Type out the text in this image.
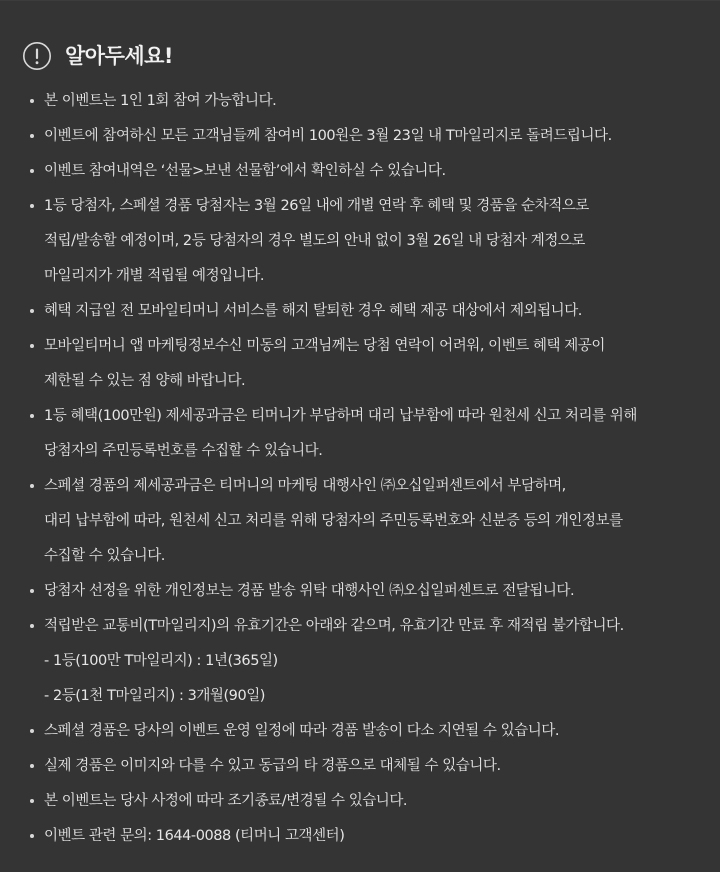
알아두세요!
본 이벤트는 1인 1회 참여 가능합니다.
이벤트에 참여하신 모든 고객님들께 참여비 100원은 3월 23일 내 T마일리지로 돌려드립니다.
이벤트 참여내역은 ‘선물>보낸 선물함’에서 확인하실 수 있습니다.
1등 당첨자, 스페셜 경품 당첨자는 3월 26일 내에 개별 연락 후 혜택 및 경품을 순차적으로
적립/발송할 예정이며, 2등 당첨자의 경우 별도의 안내 없이 3월 26일 내 당첨자 계정으로
마일리지가 개별 적립될 예정입니다.
혜택 지급일 전 모바일티머니 서비스를 해지 탈퇴한 경우 혜택 제공 대상에서 제외됩니다.
모바일티머니 앱 마케팅정보수신 미동의 고객님께는 당첨 연락이 어려워, 이벤트 혜택 제공이
제한될 수 있는 점 양해 바랍니다.
1등 혜택(100만원) 제세공과금은 티머니가 부담하며 대리 납부함에 따라 원천세 신고 처리를 위해
당첨자의 주민등록번호를 수집할 수 있습니다.
스페셜 경품의 제세공과금은 티머니의 마케팅 대행사인 ㈜오십일퍼센트에서 부담하며,
대리 납부함에 따라, 원천세 신고 처리를 위해 당첨자의 주민등록번호와 신분증 등의 개인정보를
수집할 수 있습니다.
당첨자 선정을 위한 개인정보는 경품 발송 위탁 대행사인 ㈜오십일퍼센트로 전달됩니다.
적립받은 교통비(T마일리지)의 유효기간은 아래와 같으며, 유효기간 만료 후 재적립 불가합니다.
- 1등(100만 T마일리지) : 1년(365일)
- 2등(1천 T마일리지) : 3개월(90일)
스페셜 경품은 당사의 이벤트 운영 일정에 따라 경품 발송이 다소 지연될 수 있습니다.
실제 경품은 이미지와 다를 수 있고 동급의 타 경품으로 대체될 수 있습니다.
본 이벤트는 당사 사정에 따라 조기종료/변경될 수 있습니다.
이벤트 관련 문의: 1644-0088 (티머니 고객센터)
